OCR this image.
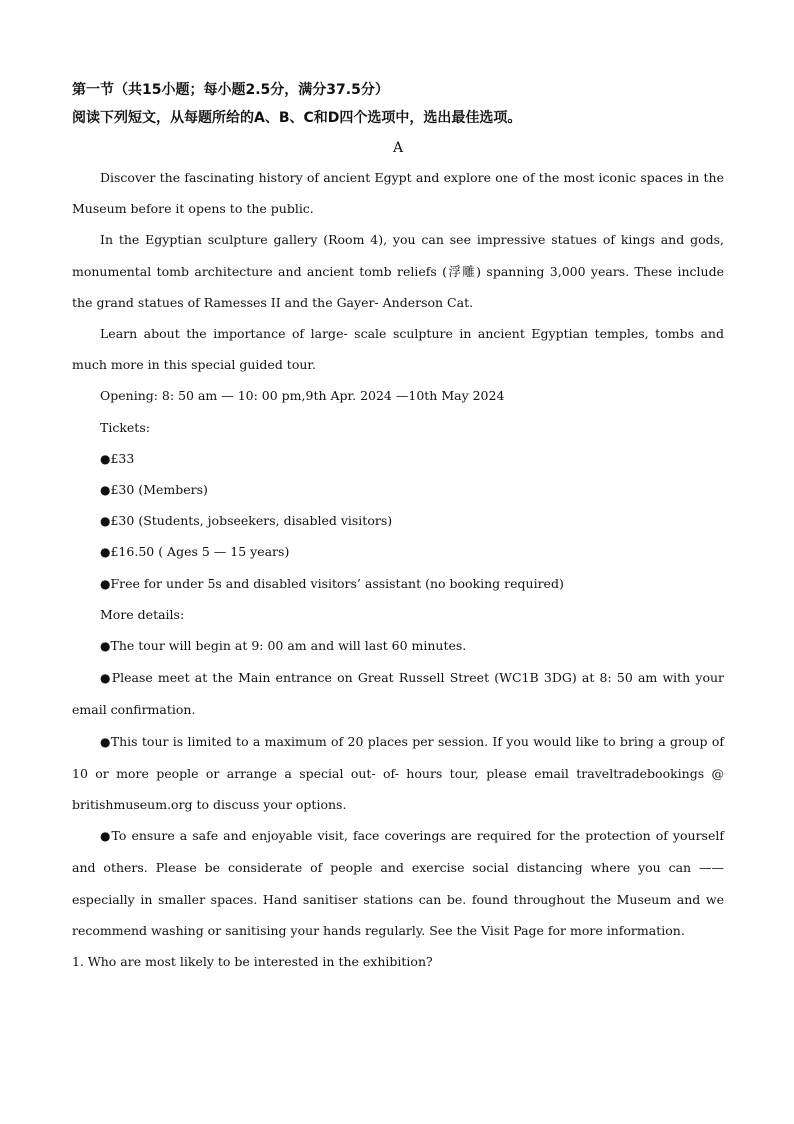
第一节（共15小题；每小题2.5分，满分37.5分）
阅读下列短文，从每题所给的A、B、C和D四个选项中，选出最佳选项。
A

Discover the fascinating history of ancient Egypt and explore one of the most iconic spaces in the Museum before it opens to the public.

In the Egyptian sculpture gallery (Room 4), you can see impressive statues of kings and gods, monumental tomb architecture and ancient tomb reliefs (浮雕) spanning 3,000 years. These include the grand statues of Ramesses II and the Gayer- Anderson Cat.

Learn about the importance of large- scale sculpture in ancient Egyptian temples, tombs and much more in this special guided tour.

Opening: 8: 50 am — 10: 00 pm,9th Apr. 2024 —10th May 2024
Tickets:
●£33
●£30 (Members)
●£30 (Students, jobseekers, disabled visitors)
●£16.50 ( Ages 5 — 15 years)
●Free for under 5s and disabled visitors’ assistant (no booking required)
More details:

●The tour will begin at 9: 00 am and will last 60 minutes.

●Please meet at the Main entrance on Great Russell Street (WC1B 3DG) at 8: 50 am with your email confirmation.

●This tour is limited to a maximum of 20 places per session. If you would like to bring a group of 10 or more people or arrange a special out- of- hours tour, please email traveltradebookings @ britishmuseum.org to discuss your options.

●To ensure a safe and enjoyable visit, face coverings are required for the protection of yourself and others. Please be considerate of people and exercise social distancing where you can —— especially in smaller spaces. Hand sanitiser stations can be. found throughout the Museum and we recommend washing or sanitising your hands regularly. See the Visit Page for more information.

1. Who are most likely to be interested in the exhibition?
